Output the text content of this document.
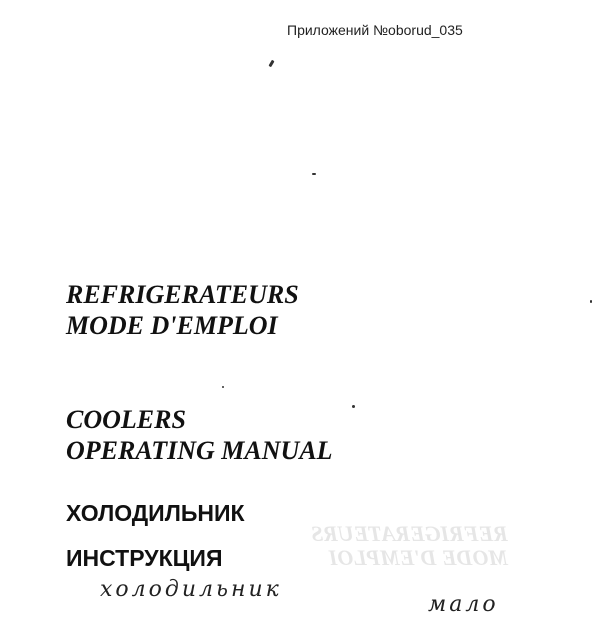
Приложений №oborud_035
REFRIGERATEURS
MODE D'EMPLOI
COOLERS
OPERATING MANUAL
ХОЛОДИЛЬНИК
ИНСТРУКЦИЯ
REFRIGERATEURS
MODE D'EMPLOI
холодильник
мало
